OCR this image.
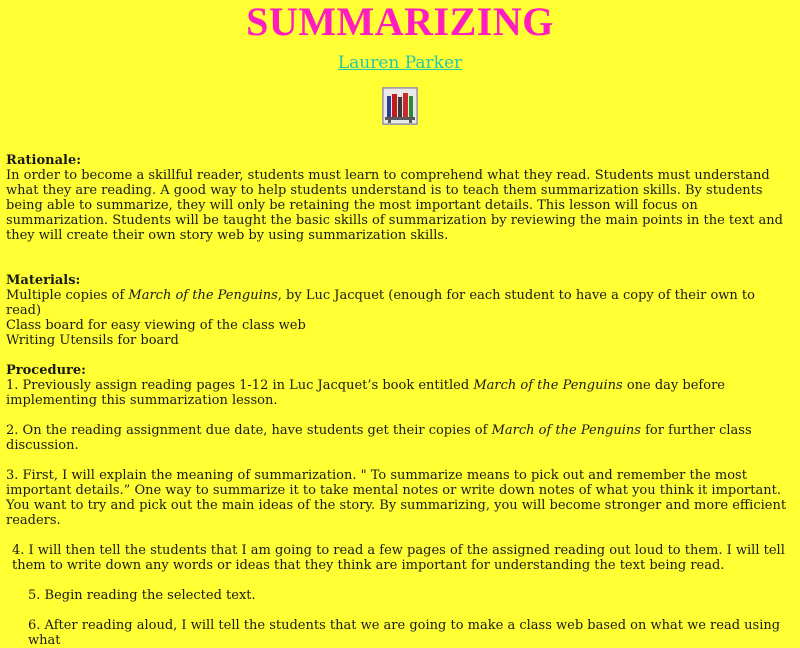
SUMMARIZING
Lauren Parker

Rationale:

In order to become a skillful reader, students must learn to comprehend what they read. Students must understand what they are reading. A good way to help students understand is to teach them summarization skills. By students being able to summarize, they will only be retaining the most important details. This lesson will focus on summarization. Students will be taught the basic skills of summarization by reviewing the main points in the text and they will create their own story web by using summarization skills.

Materials:

Multiple copies of March of the Penguins, by Luc Jacquet (enough for each student to have a copy of their own to read)

Class board for easy viewing of the class web

Writing Utensils for board

Procedure:

1. Previously assign reading pages 1-12 in Luc Jacquet’s book entitled March of the Penguins one day before implementing this summarization lesson.

2. On the reading assignment due date, have students get their copies of March of the Penguins for further class discussion.

3. First, I will explain the meaning of summarization. " To summarize means to pick out and remember the most important details.” One way to summarize it to take mental notes or write down notes of what you think it important. You want to try and pick out the main ideas of the story. By summarizing, you will become stronger and more efficient readers.

4. I will then tell the students that I am going to read a few pages of the assigned reading out loud to them. I will tell them to write down any words or ideas that they think are important for understanding the text being read.

5. Begin reading the selected text.

6. After reading aloud, I will tell the students that we are going to make a class web based on what we read using what
